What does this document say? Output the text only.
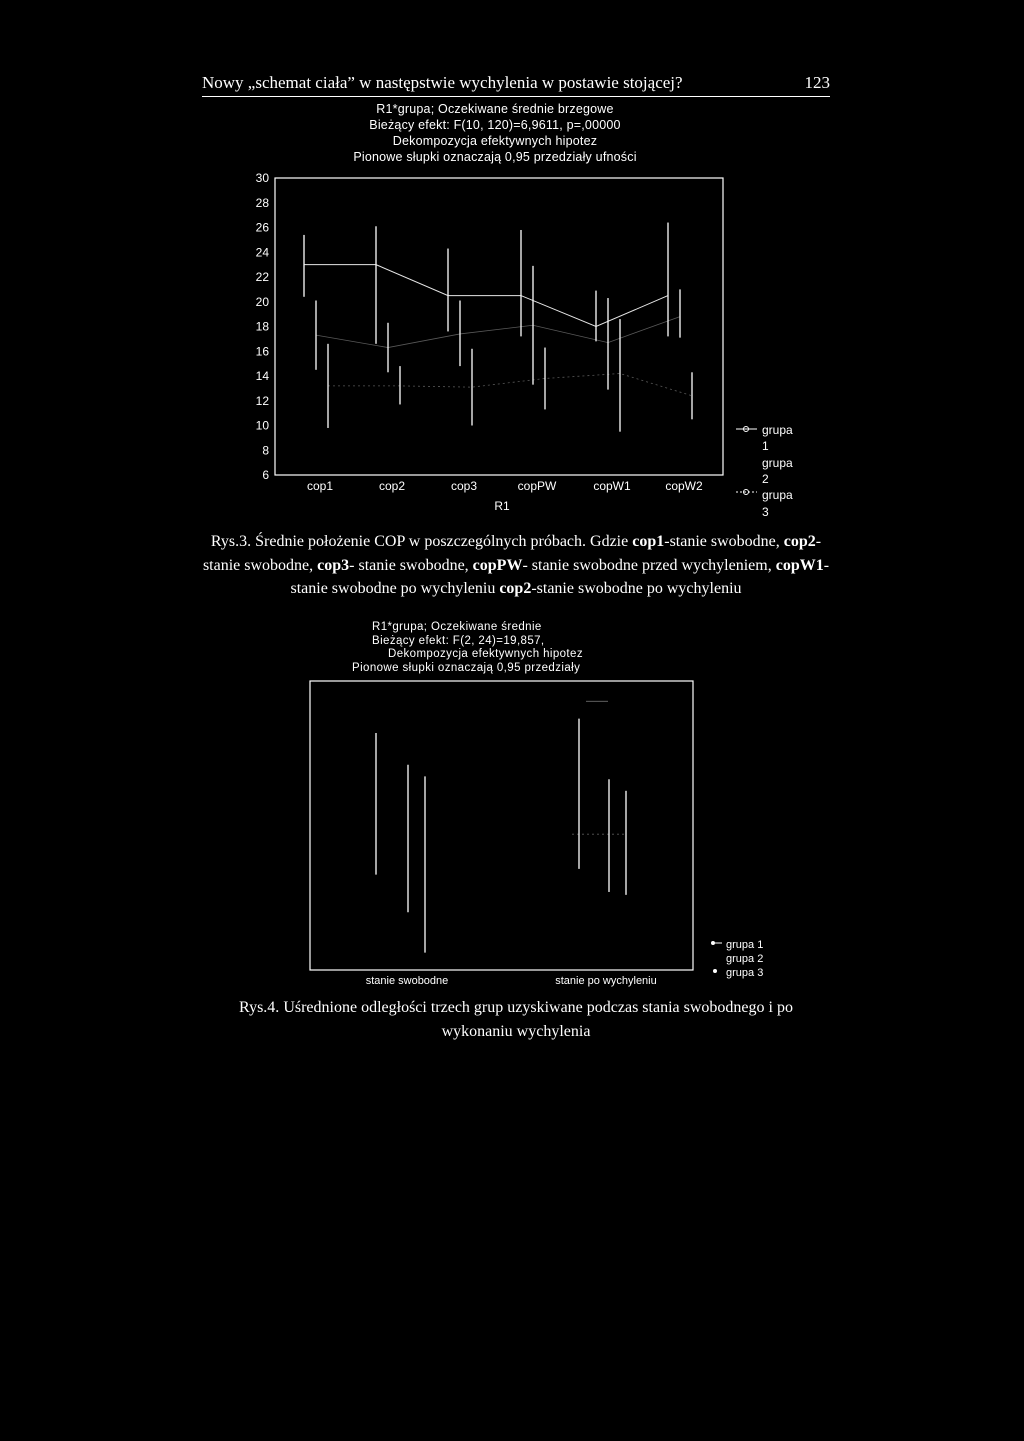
Nowy „schemat ciała” w następstwie wychylenia w postawie stojącej?	123
R1*grupa; Oczekiwane średnie brzegowe
Bieżący efekt: F(10, 120)=6,9611, p=,00000
Dekompozycja efektywnych hipotez
Pionowe słupki oznaczają 0,95 przedziały ufności
30
28
26
24
22
20
18
16
14
12
10
8
6
cop1	cop2	cop3	copPW	copW1	copW2
R1
grupa
1
grupa
2
grupa
3
Rys.3. Średnie położenie COP w poszczególnych próbach. Gdzie cop1-stanie swobodne, cop2- stanie swobodne, cop3- stanie swobodne, copPW- stanie swobodne przed wychyleniem, copW1- stanie swobodne po wychyleniu cop2-stanie swobodne po wychyleniu
R1*grupa; Oczekiwane średnie
Bieżący efekt: F(2, 24)=19,857,
Dekompozycja efektywnych hipotez
Pionowe słupki oznaczają 0,95 przedziały
stanie swobodne	stanie po wychyleniu
grupa 1
grupa 2
grupa 3
Rys.4. Uśrednione odległości trzech grup uzyskiwane podczas stania swobodnego i po
wykonaniu wychylenia
